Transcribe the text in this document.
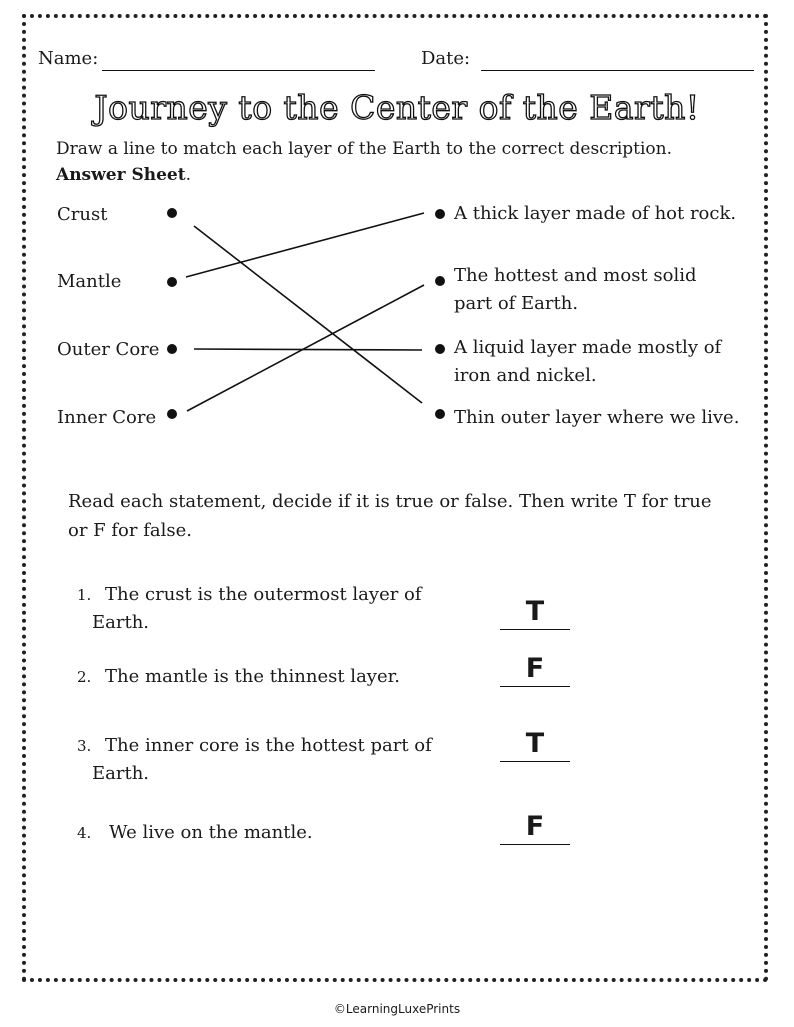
Name:	Date:
Journey to the Center of the Earth!
Draw a line to match each layer of the Earth to the correct description. Answer Sheet.
Crust
Mantle
Outer Core
Inner Core
A thick layer made of hot rock.
The hottest and most solid
part of Earth.
A liquid layer made mostly of
iron and nickel.
Thin outer layer where we live.
Read each statement, decide if it is true or false. Then write T for true
or F for false.
1. The crust is the outermost layer of
Earth.
2. The mantle is the thinnest layer.
3. The inner core is the hottest part of
Earth.
4. We live on the mantle.
T
F
T
F
©LearningLuxePrints
